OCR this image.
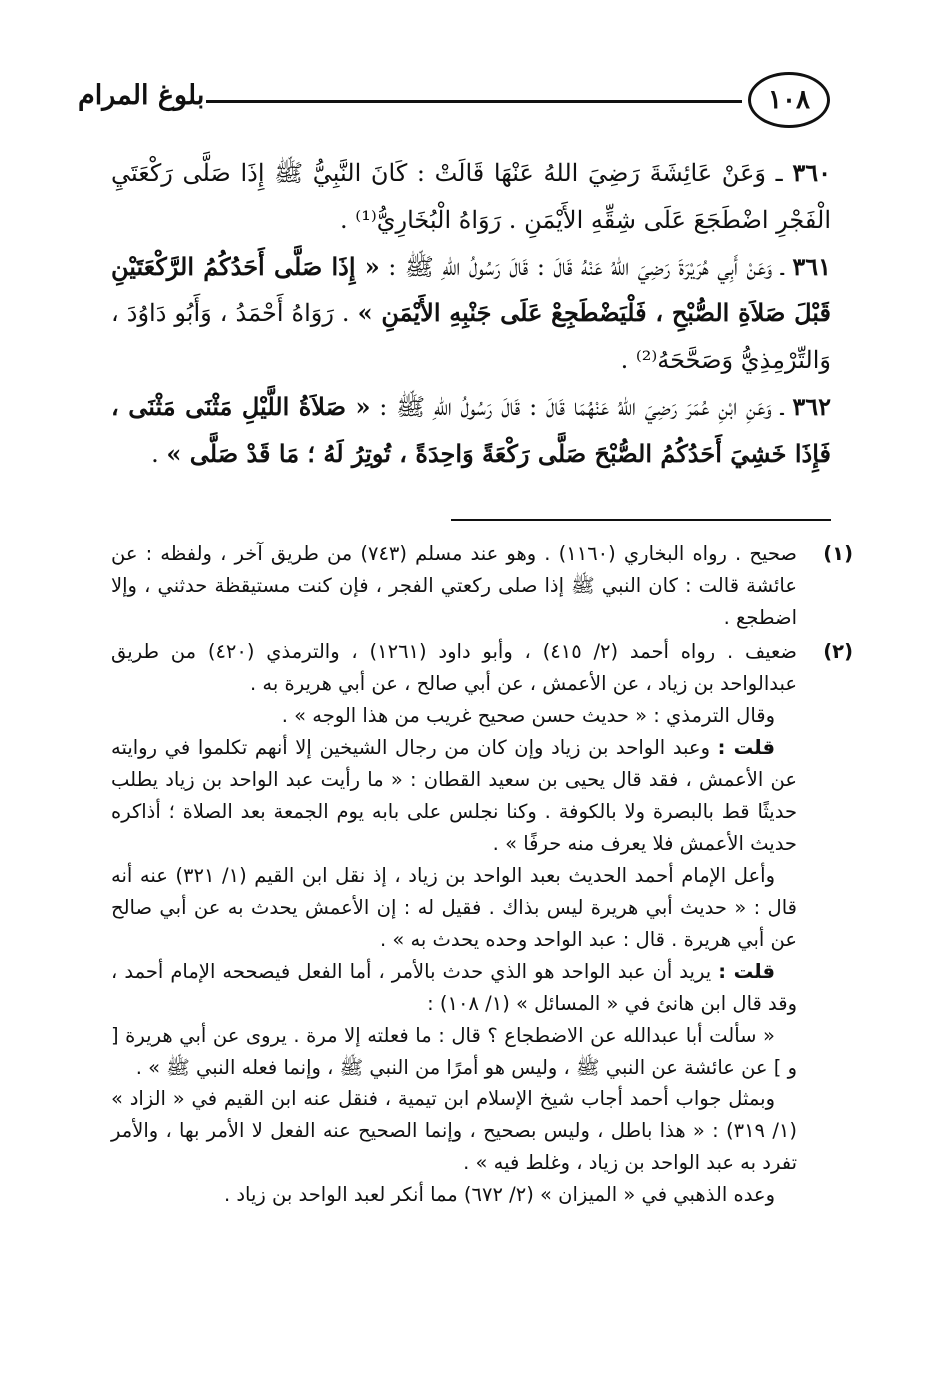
١٠٨
بلوغ المرام

٣٦٠ ـ وَعَنْ عَائِشَةَ رَضِيَ اللهُ عَنْهَا قَالَتْ : كَانَ النَّبِيُّ ﷺ إِذَا صَلَّى رَكْعَتَيِ الْفَجْرِ اضْطَجَعَ عَلَى شِقِّهِ الأَيْمَنِ . رَوَاهُ الْبُخَارِيُّ⁽¹⁾ .

٣٦١ ـ وَعَنْ أَبِي هُرَيْرَةَ رَضِيَ اللهُ عَنْهُ قَالَ : قَالَ رَسُولُ اللهِ ﷺ : « إِذَا صَلَّى أَحَدُكُمُ الرَّكْعَتَيْنِ قَبْلَ صَلاَةِ الصُّبْحِ ، فَلْيَضْطَجِعْ عَلَى جَنْبِهِ الأَيْمَنِ » . رَوَاهُ أَحْمَدُ ، وَأَبُو دَاوُدَ ، وَالتِّرْمِذِيُّ وَصَحَّحَهُ⁽²⁾ .

٣٦٢ ـ وَعَنِ ابْنِ عُمَرَ رَضِيَ اللهُ عَنْهُمَا قَالَ : قَالَ رَسُولُ اللهِ ﷺ : « صَلاَةُ اللَّيْلِ مَثْنَى مَثْنَى ، فَإِذَا خَشِيَ أَحَدُكُمُ الصُّبْحَ صَلَّى رَكْعَةً وَاحِدَةً ، تُوتِرُ لَهُ ؛ مَا قَدْ صَلَّى » .

(١)
صحيح . رواه البخاري (١١٦٠) . وهو عند مسلم (٧٤٣) من طريق آخر ، ولفظه : عن عائشة قالت : كان النبي ﷺ إذا صلى ركعتي الفجر ، فإن كنت مستيقظة حدثني ، وإلا اضطجع .
(٢)
ضعيف . رواه أحمد (٢/ ٤١٥) ، وأبو داود (١٢٦١) ، والترمذي (٤٢٠) من طريق عبدالواحد بن زياد ، عن الأعمش ، عن أبي صالح ، عن أبي هريرة به .
وقال الترمذي : « حديث حسن صحيح غريب من هذا الوجه » .
قلت : وعبد الواحد بن زياد وإن كان من رجال الشيخين إلا أنهم تكلموا في روايته عن الأعمش ، فقد قال يحيى بن سعيد القطان : « ما رأيت عبد الواحد بن زياد يطلب حديثًا قط بالبصرة ولا بالكوفة . وكنا نجلس على بابه يوم الجمعة بعد الصلاة ؛ أذاكره حديث الأعمش فلا يعرف منه حرفًا » .
وأعل الإمام أحمد الحديث بعبد الواحد بن زياد ، إذ نقل ابن القيم (١/ ٣٢١) عنه أنه قال : « حديث أبي هريرة ليس بذاك . فقيل له : إن الأعمش يحدث به عن أبي صالح عن أبي هريرة . قال : عبد الواحد وحده يحدث به » .
قلت : يريد أن عبد الواحد هو الذي حدث بالأمر ، أما الفعل فيصححه الإمام أحمد ، وقد قال ابن هانئ في « المسائل » (١/ ١٠٨) :
« سألت أبا عبدالله عن الاضطجاع ؟ قال : ما فعلته إلا مرة . يروى عن أبي هريرة [ و ] عن عائشة عن النبي ﷺ ، وليس هو أمرًا من النبي ﷺ ، وإنما فعله النبي ﷺ » .
وبمثل جواب أحمد أجاب شيخ الإسلام ابن تيمية ، فنقل عنه ابن القيم في « الزاد » (١/ ٣١٩) : « هذا باطل ، وليس بصحيح ، وإنما الصحيح عنه الفعل لا الأمر بها ، والأمر تفرد به عبد الواحد بن زياد ، وغلط فيه » .
وعده الذهبي في « الميزان » (٢/ ٦٧٢) مما أنكر لعبد الواحد بن زياد .
